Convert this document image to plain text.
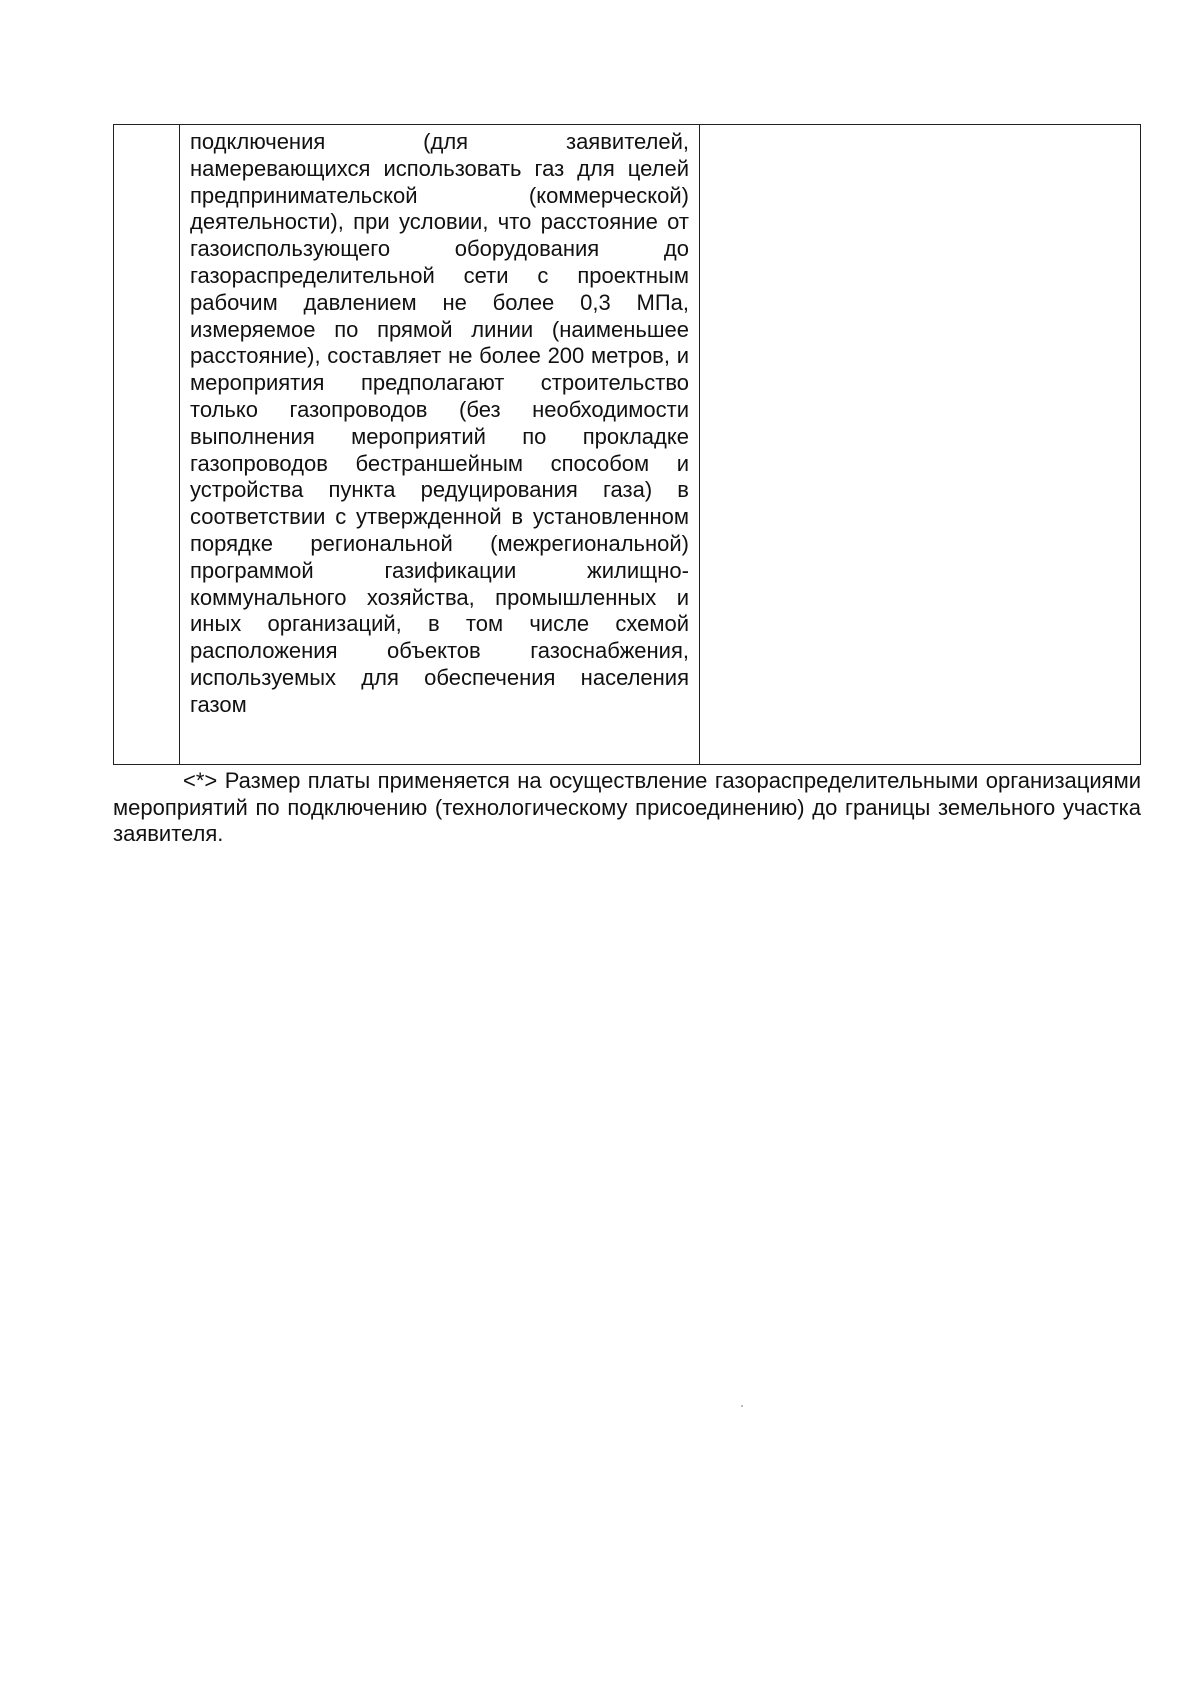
подключения (для заявителей, намеревающихся использовать газ для целей предпринимательской (коммерческой) деятельности), при условии, что расстояние от газоиспользующего оборудования до газораспределительной сети с проектным рабочим давлением не более 0,3 МПа, измеряемое по прямой линии (наименьшее расстояние), составляет не более 200 метров, и мероприятия предполагают строительство только газопроводов (без необходимости выполнения мероприятий по прокладке газопроводов бестраншейным способом и устройства пункта редуцирования газа) в соответствии с утвержденной в установленном порядке региональной (межрегиональной) программой газификации жилищно-коммунального хозяйства, промышленных и иных организаций, в том числе схемой расположения объектов газоснабжения, используемых для обеспечения населения газом

<*> Размер платы применяется на осуществление газораспределительными организациями мероприятий по подключению (технологическому присоединению) до границы земельного участка заявителя.
